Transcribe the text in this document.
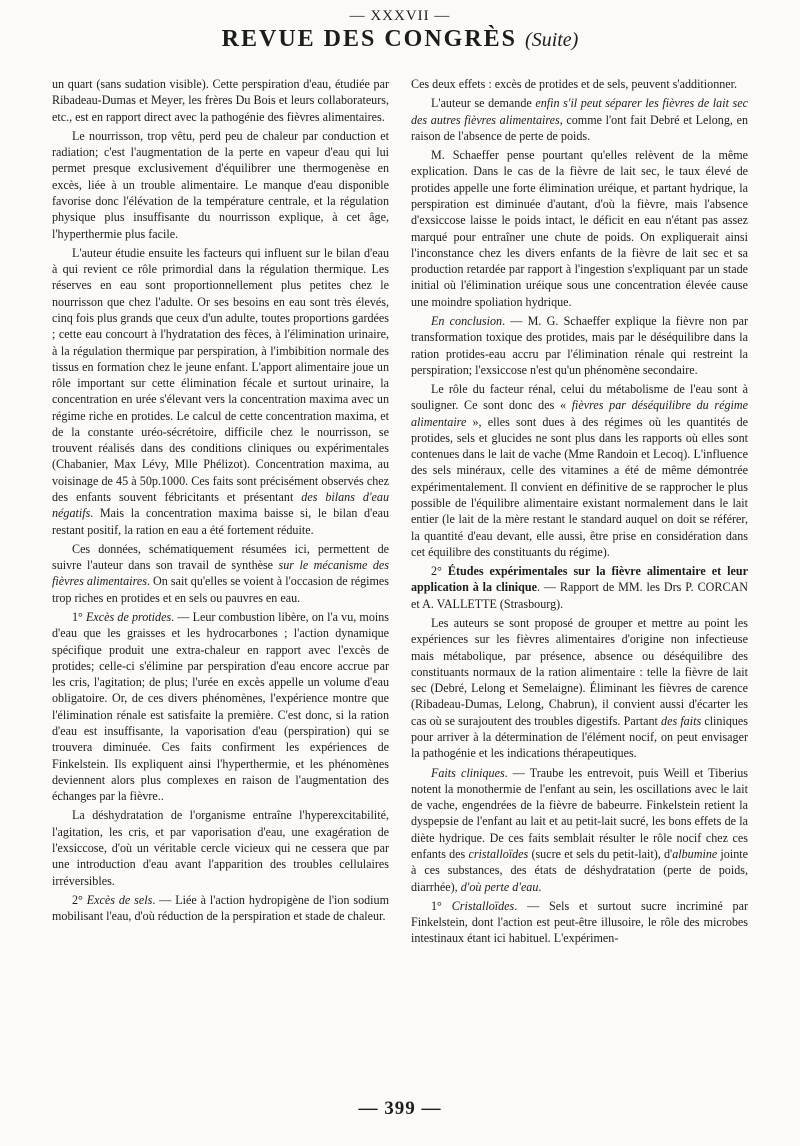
— XXXVII —
REVUE DES CONGRÈS (Suite)

un quart (sans sudation visible). Cette perspiration d'eau, étudiée par Ribadeau-Dumas et Meyer, les frères Du Bois et leurs collaborateurs, etc., est en rapport direct avec la pathogénie des fièvres alimentaires.

Le nourrisson, trop vêtu, perd peu de chaleur par conduction et radiation; c'est l'augmentation de la perte en vapeur d'eau qui lui permet presque exclusivement d'équilibrer une thermogenèse en excès, liée à un trouble alimentaire. Le manque d'eau disponible favorise donc l'élévation de la température centrale, et la régulation physique plus insuffisante du nourrisson explique, à cet âge, l'hyperthermie plus facile.

L'auteur étudie ensuite les facteurs qui influent sur le bilan d'eau à qui revient ce rôle primordial dans la régulation thermique. Les réserves en eau sont proportionnellement plus petites chez le nourrisson que chez l'adulte. Or ses besoins en eau sont très élevés, cinq fois plus grands que ceux d'un adulte, toutes proportions gardées ; cette eau concourt à l'hydratation des fèces, à l'élimination urinaire, à la régulation thermique par perspiration, à l'imbibition normale des tissus en formation chez le jeune enfant. L'apport alimentaire joue un rôle important sur cette élimination fécale et surtout urinaire, la concentration en urée s'élevant vers la concentration maxima avec un régime riche en protides. Le calcul de cette concentration maxima, et de la constante uréo-sécrétoire, difficile chez le nourrisson, se trouvent réalisés dans des conditions cliniques ou expérimentales (Chabanier, Max Lévy, Mlle Phélizot). Concentration maxima, au voisinage de 45 à 50p.1000. Ces faits sont précisément observés chez des enfants souvent fébricitants et présentant des bilans d'eau négatifs. Mais la concentration maxima baisse si, le bilan d'eau restant positif, la ration en eau a été fortement réduite.

Ces données, schématiquement résumées ici, permettent de suivre l'auteur dans son travail de synthèse sur le mécanisme des fièvres alimentaires. On sait qu'elles se voient à l'occasion de régimes trop riches en protides et en sels ou pauvres en eau.

1° Excès de protides. — Leur combustion libère, on l'a vu, moins d'eau que les graisses et les hydrocarbones ; l'action dynamique spécifique produit une extra-chaleur en rapport avec l'excès de protides; celle-ci s'élimine par perspiration d'eau encore accrue par les cris, l'agitation; de plus; l'urée en excès appelle un volume d'eau obligatoire. Or, de ces divers phénomènes, l'expérience montre que l'élimination rénale est satisfaite la première. C'est donc, si la ration d'eau est insuffisante, la vaporisation d'eau (perspiration) qui se trouvera diminuée. Ces faits confirment les expériences de Finkelstein. Ils expliquent ainsi l'hyperthermie, et les phénomènes deviennent alors plus complexes en raison de l'augmentation des échanges par la fièvre..

La déshydratation de l'organisme entraîne l'hyperexcitabilité, l'agitation, les cris, et par vaporisation d'eau, une exagération de l'exsiccose, d'où un véritable cercle vicieux qui ne cessera que par une introduction d'eau avant l'apparition des troubles cellulaires irréversibles.

2° Excès de sels. — Liée à l'action hydropigène de l'ion sodium mobilisant l'eau, d'où réduction de la perspiration et stade de chaleur.

Ces deux effets : excès de protides et de sels, peuvent s'additionner.

L'auteur se demande enfin s'il peut séparer les fièvres de lait sec des autres fièvres alimentaires, comme l'ont fait Debré et Lelong, en raison de l'absence de perte de poids.

M. Schaeffer pense pourtant qu'elles relèvent de la même explication. Dans le cas de la fièvre de lait sec, le taux élevé de protides appelle une forte élimination uréique, et partant hydrique, la perspiration est diminuée d'autant, d'où la fièvre, mais l'absence d'exsiccose laisse le poids intact, le déficit en eau n'étant pas assez marqué pour entraîner une chute de poids. On expliquerait ainsi l'inconstance chez les divers enfants de la fièvre de lait sec et sa production retardée par rapport à l'ingestion s'expliquant par un stade initial où l'élimination uréique sous une concentration élevée cause une moindre spoliation hydrique.

En conclusion. — M. G. Schaeffer explique la fièvre non par transformation toxique des protides, mais par le déséquilibre dans la ration protides-eau accru par l'élimination rénale qui restreint la perspiration; l'exsiccose n'est qu'un phénomène secondaire.

Le rôle du facteur rénal, celui du métabolisme de l'eau sont à souligner. Ce sont donc des « fièvres par déséquilibre du régime alimentaire », elles sont dues à des régimes où les quantités de protides, sels et glucides ne sont plus dans les rapports où elles sont contenues dans le lait de vache (Mme Randoin et Lecoq). L'influence des sels minéraux, celle des vitamines a été de même démontrée expérimentalement. Il convient en définitive de se rapprocher le plus possible de l'équilibre alimentaire existant normalement dans le lait entier (le lait de la mère restant le standard auquel on doit se référer, la quantité d'eau devant, elle aussi, être prise en considération dans cet équilibre des constituants du régime).

2° Études expérimentales sur la fièvre alimentaire et leur application à la clinique. — Rapport de MM. les Drs P. CORCAN et A. VALLETTE (Strasbourg).

Les auteurs se sont proposé de grouper et mettre au point les expériences sur les fièvres alimentaires d'origine non infectieuse mais métabolique, par présence, absence ou déséquilibre des constituants normaux de la ration alimentaire : telle la fièvre de lait sec (Debré, Lelong et Semelaigne). Éliminant les fièvres de carence (Ribadeau-Dumas, Lelong, Chabrun), il convient aussi d'écarter les cas où se surajoutent des troubles digestifs. Partant des faits cliniques pour arriver à la détermination de l'élément nocif, on peut envisager la pathogénie et les indications thérapeutiques.

Faits cliniques. — Traube les entrevoit, puis Weill et Tiberius notent la monothermie de l'enfant au sein, les oscillations avec le lait de vache, engendrées de la fièvre de babeurre. Finkelstein retient la dyspepsie de l'enfant au lait et au petit-lait sucré, les bons effets de la diète hydrique. De ces faits semblait résulter le rôle nocif chez ces enfants des cristalloïdes (sucre et sels du petit-lait), d'albumine jointe à ces substances, des états de déshydratation (perte de poids, diarrhée), d'où perte d'eau.

1° Cristalloïdes. — Sels et surtout sucre incriminé par Finkelstein, dont l'action est peut-être illusoire, le rôle des microbes intestinaux étant ici habituel. L'expérimen-

— 399 —
